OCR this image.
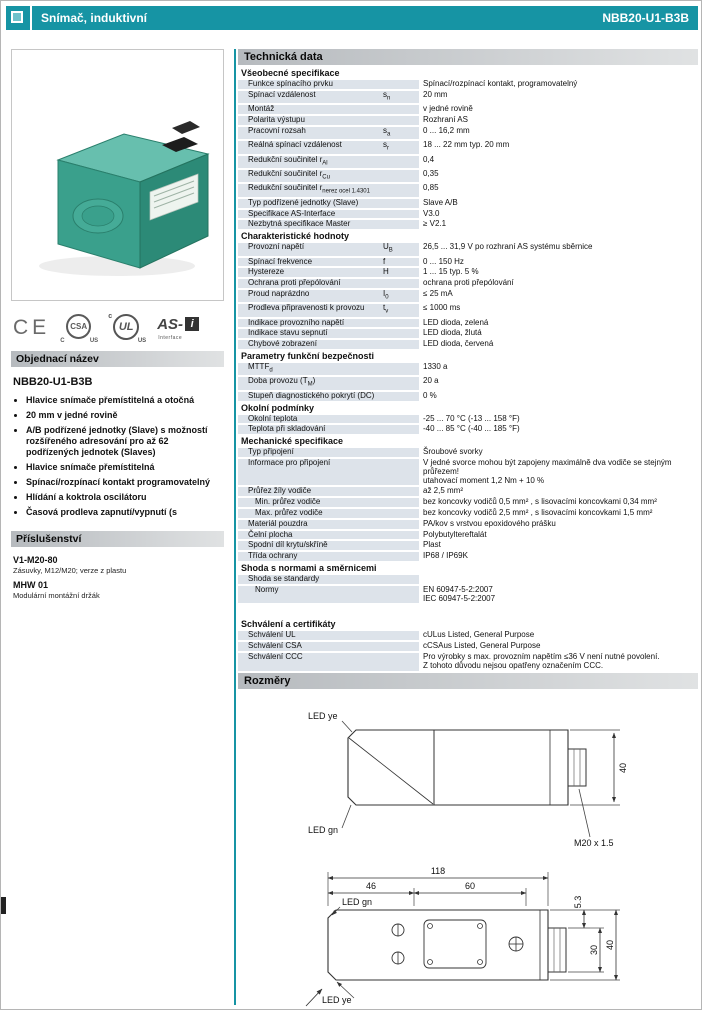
Snímač, induktivní	NBB20-U1-B3B
CE	CSA
C	US
c
UL
US
AS- i
Interface
Objednací název
NBB20-U1-B3B
• Hlavice snímače přemístitelná a otočná
• 20 mm v jedné rovině
• A/B podřízené jednotky (Slave) s možností rozšířeného adresování pro až 62 podřízených jednotek (Slaves)
• Hlavice snímače přemístitelná
• Spínací/rozpínací kontakt programovatelný
• Hlídání a koktrola oscilátoru
• Časová prodleva zapnutí/vypnutí (s
Příslušenství
V1-M20-80
Zásuvky, M12/M20; verze z plastu
MHW 01
Modulární montážní držák
Technická data
Všeobecné specifikace
Funkce spínacího prvku	Spínací/rozpínací kontakt, programovatelný
Spínací vzdálenost	$s_n$	20 mm
Montáž	v jedné rovině
Polarita výstupu	Rozhraní AS
Pracovní rozsah	$s_a$	0 ... 16,2 mm
Reálná spínací vzdálenost	$s_r$	18 ... 22 mm typ. 20 mm
Redukční součinitel $r_{Al}$	0,4
Redukční součinitel $r_{Cu}$	0,35
Redukční součinitel $r_{nerez ocel 1.4301}$	0,85
Typ podřízené jednotky (Slave)	Slave A/B
Specifikace AS-Interface	V3.0
Nezbytná specifikace Master	≥ V2.1
Charakteristické hodnoty
Provozní napětí	$U_B$	26,5 ... 31,9 V po rozhraní AS systému sběrnice
Spínací frekvence	f	0 ... 150 Hz
Hystereze	H	1 ... 15 typ. 5 %
Ochrana proti přepólování	ochrana proti přepólování
Proud naprázdno	$I_0$	≤ 25 mA
Prodleva připravenosti k provozu	$t_v$	≤ 1000 ms
Indikace provozního napětí	LED dioda, zelená
Indikace stavu sepnutí	LED dioda, žlutá
Chybové zobrazení	LED dioda, červená
Parametry funkční bezpečnosti
$MTTF_d$	1330 a
Doba provozu $(T_M)$	20 a
Stupeň diagnostického pokrytí (DC)	0 %
Okolní podmínky
Okolní teplota	-25 ... 70 °C (-13 ... 158 °F)
Teplota při skladování	-40 ... 85 °C (-40 ... 185 °F)
Mechanické specifikace
Typ připojení	Šroubové svorky
Informace pro připojení	V jedné svorce mohou být zapojeny maximálně dva vodiče se stejným průřezem!
utahovací moment 1,2 Nm + 10 %
Průřez žíly vodiče	až 2,5 mm²
Min. průřez vodiče	bez koncovky vodičů 0,5 mm² , s lisovacími koncovkami 0,34 mm²
Max. průřez vodiče	bez koncovky vodičů 2,5 mm² , s lisovacími koncovkami 1,5 mm²
Materiál pouzdra	PA/kov s vrstvou epoxidového prášku
Čelní plocha	Polybutyltereftalát
Spodní díl krytu/skříně	Plast
Třída ochrany	IP68 / IP69K
Shoda s normami a směrnicemi
Shoda se standardy
Normy	EN 60947-5-2:2007
IEC 60947-5-2:2007
Schválení a certifikáty
Schválení UL	cULus Listed, General Purpose
Schválení CSA	cCSAus Listed, General Purpose
Schválení CCC	Pro výrobky s max. provozním napětím ≤36 V není nutné povolení.
Z tohoto důvodu nejsou opatřeny označením CCC.
Rozměry
40
LED ye
LED gn
M20 x 1.5
118
46	60
LED gn	5.3
30 40
LED ye
